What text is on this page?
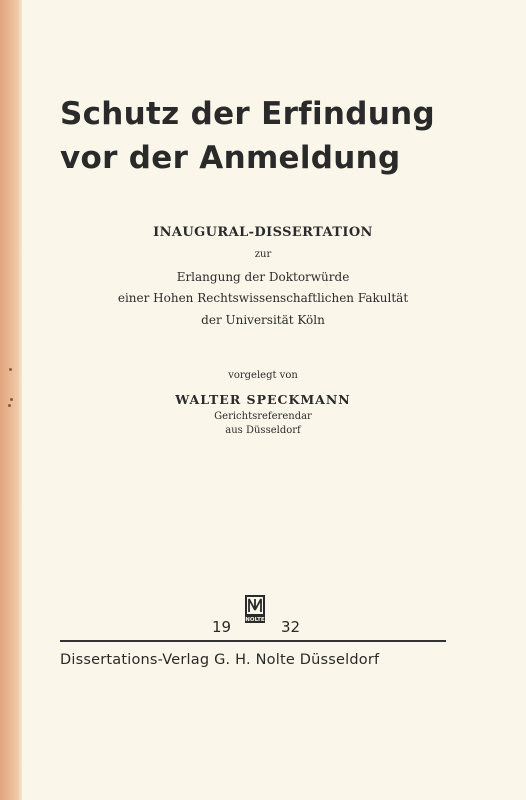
Schutz der Erfindung
vor der Anmeldung
INAUGURAL-DISSERTATION
zur
Erlangung der Doktorwürde
einer Hohen Rechtswissenschaftlichen Fakultät
der Universität Köln
vorgelegt von
WALTER SPECKMANN
Gerichtsreferendar
aus Düsseldorf
NOLTE
19	32
Dissertations-Verlag G. H. Nolte Düsseldorf
